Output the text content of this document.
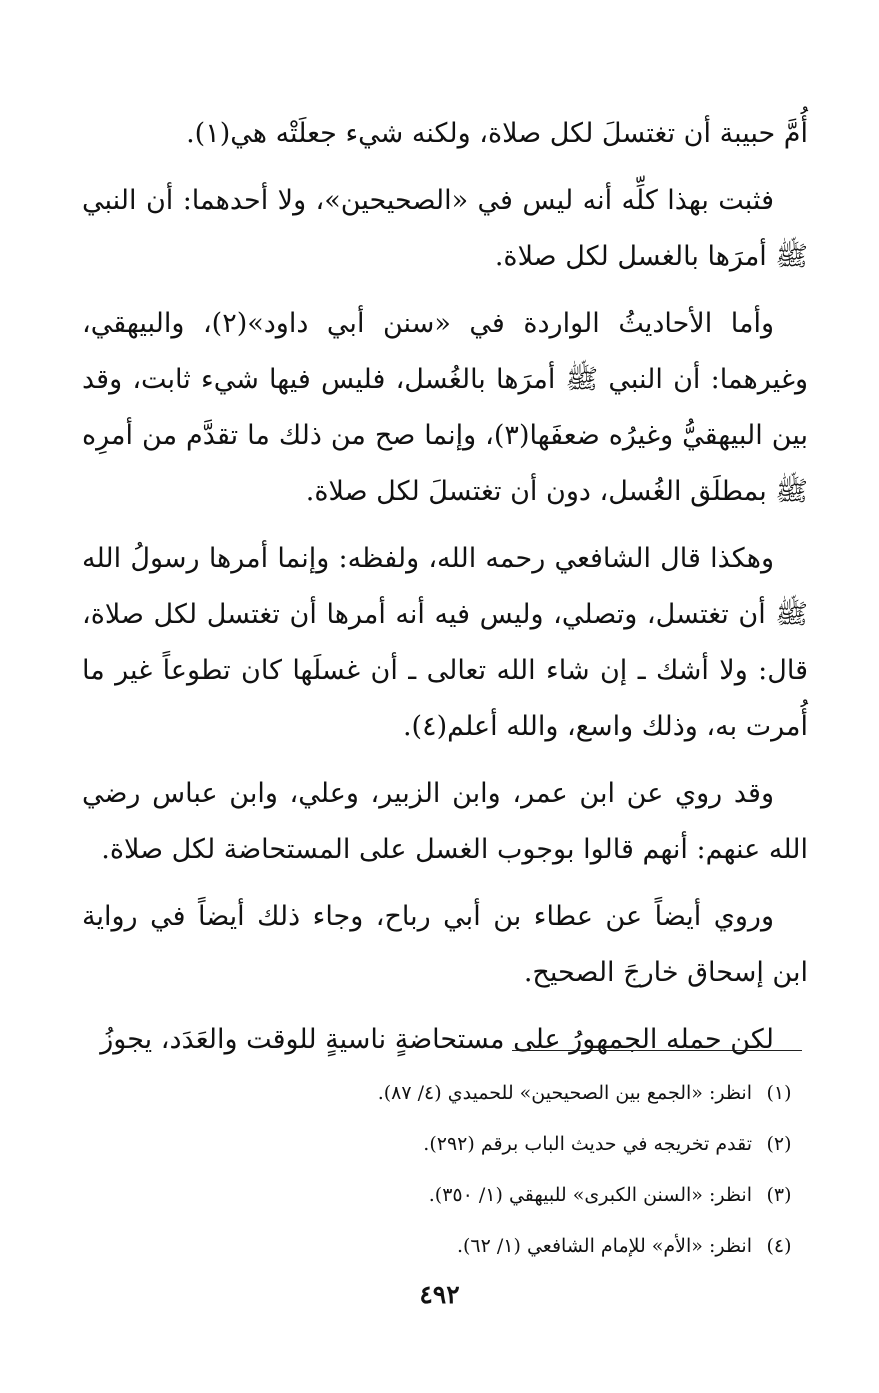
أُمَّ حبيبة أن تغتسلَ لكل صلاة، ولكنه شيء جعلَتْه هي(١).

فثبت بهذا كلِّه أنه ليس في «الصحيحين»، ولا أحدهما: أن النبي ﷺ أمرَها بالغسل لكل صلاة.

وأما الأحاديثُ الواردة في «سنن أبي داود»(٢)، والبيهقي، وغيرهما: أن النبي ﷺ أمرَها بالغُسل، فليس فيها شيء ثابت، وقد بين البيهقيُّ وغيرُه ضعفَها(٣)، وإنما صح من ذلك ما تقدَّم من أمرِه ﷺ بمطلَق الغُسل، دون أن تغتسلَ لكل صلاة.

وهكذا قال الشافعي رحمه الله، ولفظه: وإنما أمرها رسولُ الله ﷺ أن تغتسل، وتصلي، وليس فيه أنه أمرها أن تغتسل لكل صلاة، قال: ولا أشك ـ إن شاء الله تعالى ـ أن غسلَها كان تطوعاً غير ما أُمرت به، وذلك واسع، والله أعلم(٤).

وقد روي عن ابن عمر، وابن الزبير، وعلي، وابن عباس رضي الله عنهم: أنهم قالوا بوجوب الغسل على المستحاضة لكل صلاة.

وروي أيضاً عن عطاء بن أبي رباح، وجاء ذلك أيضاً في رواية ابن إسحاق خارجَ الصحيح.

لكن حمله الجمهورُ على مستحاضةٍ ناسيةٍ للوقت والعَدَد، يجوزُ

(١)
انظر: «الجمع بين الصحيحين» للحميدي (٤/ ٨٧).
(٢)
تقدم تخريجه في حديث الباب برقم (٢٩٢).
(٣)
انظر: «السنن الكبرى» للبيهقي (١/ ٣٥٠).
(٤)
انظر: «الأم» للإمام الشافعي (١/ ٦٢).
٤٩٢
